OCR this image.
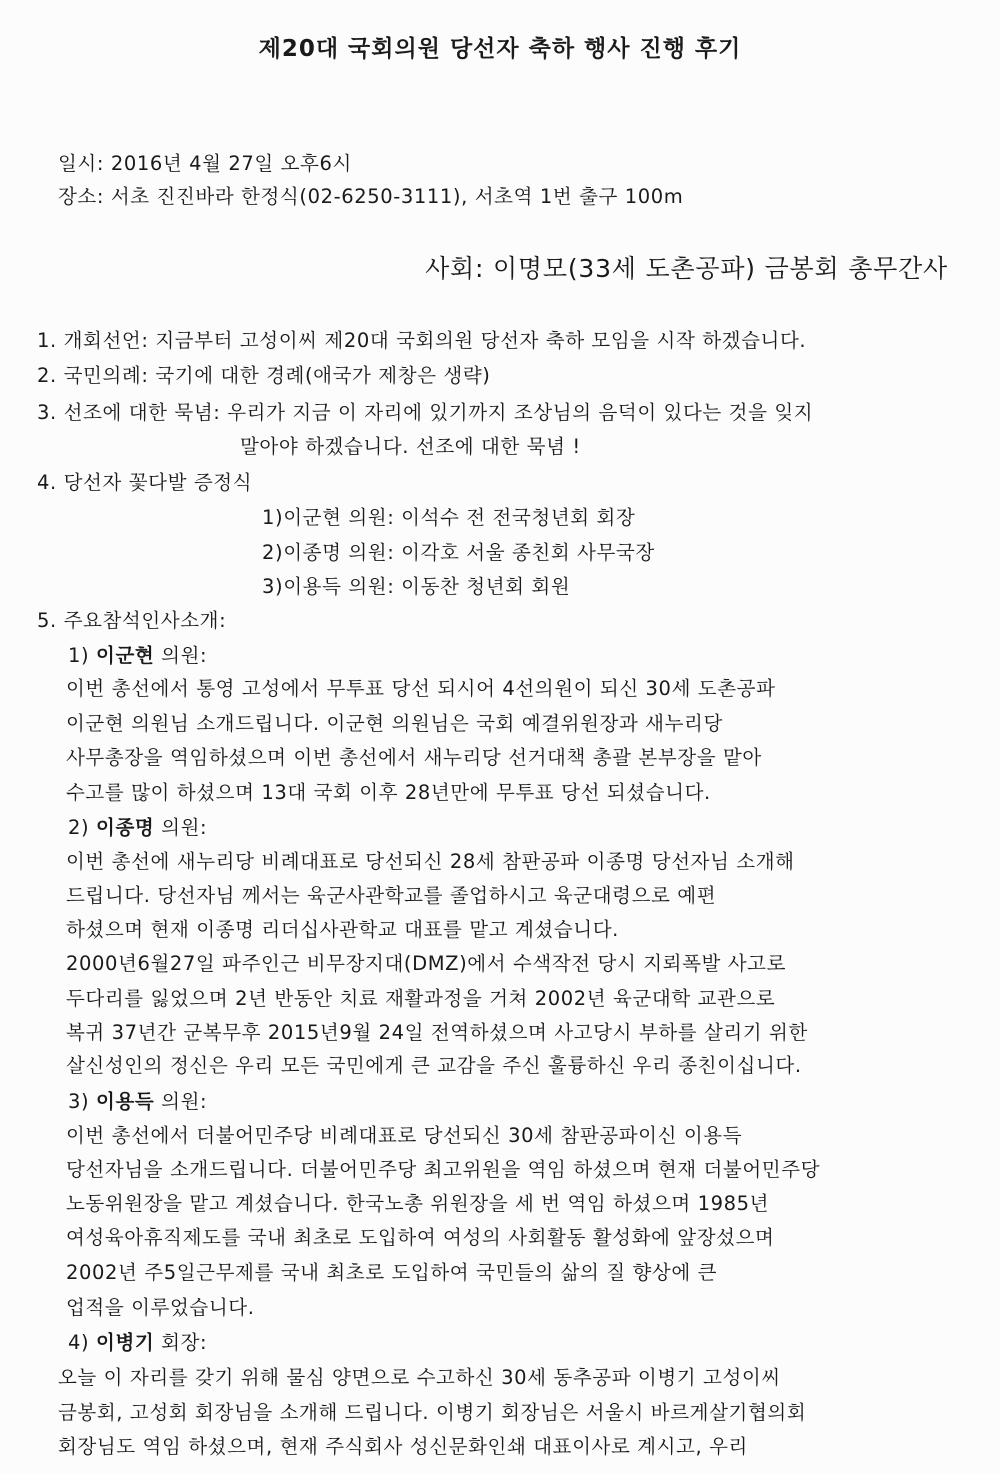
제20대 국회의원 당선자 축하 행사 진행 후기

일시: 2016년 4월 27일 오후6시

장소: 서초 진진바라 한정식(02-6250-3111), 서초역 1번 출구 100m

사회: 이명모(33세 도촌공파) 금봉회 총무간사

1. 개회선언: 지금부터 고성이씨 제20대 국회의원 당선자 축하 모임을 시작 하겠습니다.

2. 국민의례: 국기에 대한 경례(애국가 제창은 생략)

3. 선조에 대한 묵념: 우리가 지금 이 자리에 있기까지 조상님의 음덕이 있다는 것을 잊지

말아야 하겠습니다. 선조에 대한 묵념 !

4. 당선자 꽃다발 증정식

1)이군현 의원: 이석수 전 전국청년회 회장

2)이종명 의원: 이각호 서울 종친회 사무국장

3)이용득 의원: 이동찬 청년회 회원

5. 주요참석인사소개:

1) 이군현 의원:

이번 총선에서 통영 고성에서 무투표 당선 되시어 4선의원이 되신 30세 도촌공파

이군현 의원님 소개드립니다. 이군현 의원님은 국회 예결위원장과 새누리당

사무총장을 역임하셨으며 이번 총선에서 새누리당 선거대책 총괄 본부장을 맡아

수고를 많이 하셨으며 13대 국회 이후 28년만에 무투표 당선 되셨습니다.

2) 이종명 의원:

이번 총선에 새누리당 비례대표로 당선되신 28세 참판공파 이종명 당선자님 소개해

드립니다. 당선자님 께서는 육군사관학교를 졸업하시고 육군대령으로 예편

하셨으며 현재 이종명 리더십사관학교 대표를 맡고 계셨습니다.

2000년6월27일 파주인근 비무장지대(DMZ)에서 수색작전 당시 지뢰폭발 사고로

두다리를 잃었으며 2년 반동안 치료 재활과정을 거쳐 2002년 육군대학 교관으로

복귀 37년간 군복무후 2015년9월 24일 전역하셨으며 사고당시 부하를 살리기 위한

살신성인의 정신은 우리 모든 국민에게 큰 교감을 주신 훌륭하신 우리 종친이십니다.

3) 이용득 의원:

이번 총선에서 더불어민주당 비례대표로 당선되신 30세 참판공파이신 이용득

당선자님을 소개드립니다. 더불어민주당 최고위원을 역임 하셨으며 현재 더불어민주당

노동위원장을 맡고 계셨습니다. 한국노총 위원장을 세 번 역임 하셨으며 1985년

여성육아휴직제도를 국내 최초로 도입하여 여성의 사회활동 활성화에 앞장섰으며

2002년 주5일근무제를 국내 최초로 도입하여 국민들의 삶의 질 향상에 큰

업적을 이루었습니다.

4) 이병기 회장:

오늘 이 자리를 갖기 위해 물심 양면으로 수고하신 30세 동추공파 이병기 고성이씨

금봉회, 고성회 회장님을 소개해 드립니다. 이병기 회장님은 서울시 바르게살기협의회

회장님도 역임 하셨으며, 현재 주식회사 성신문화인쇄 대표이사로 계시고, 우리
